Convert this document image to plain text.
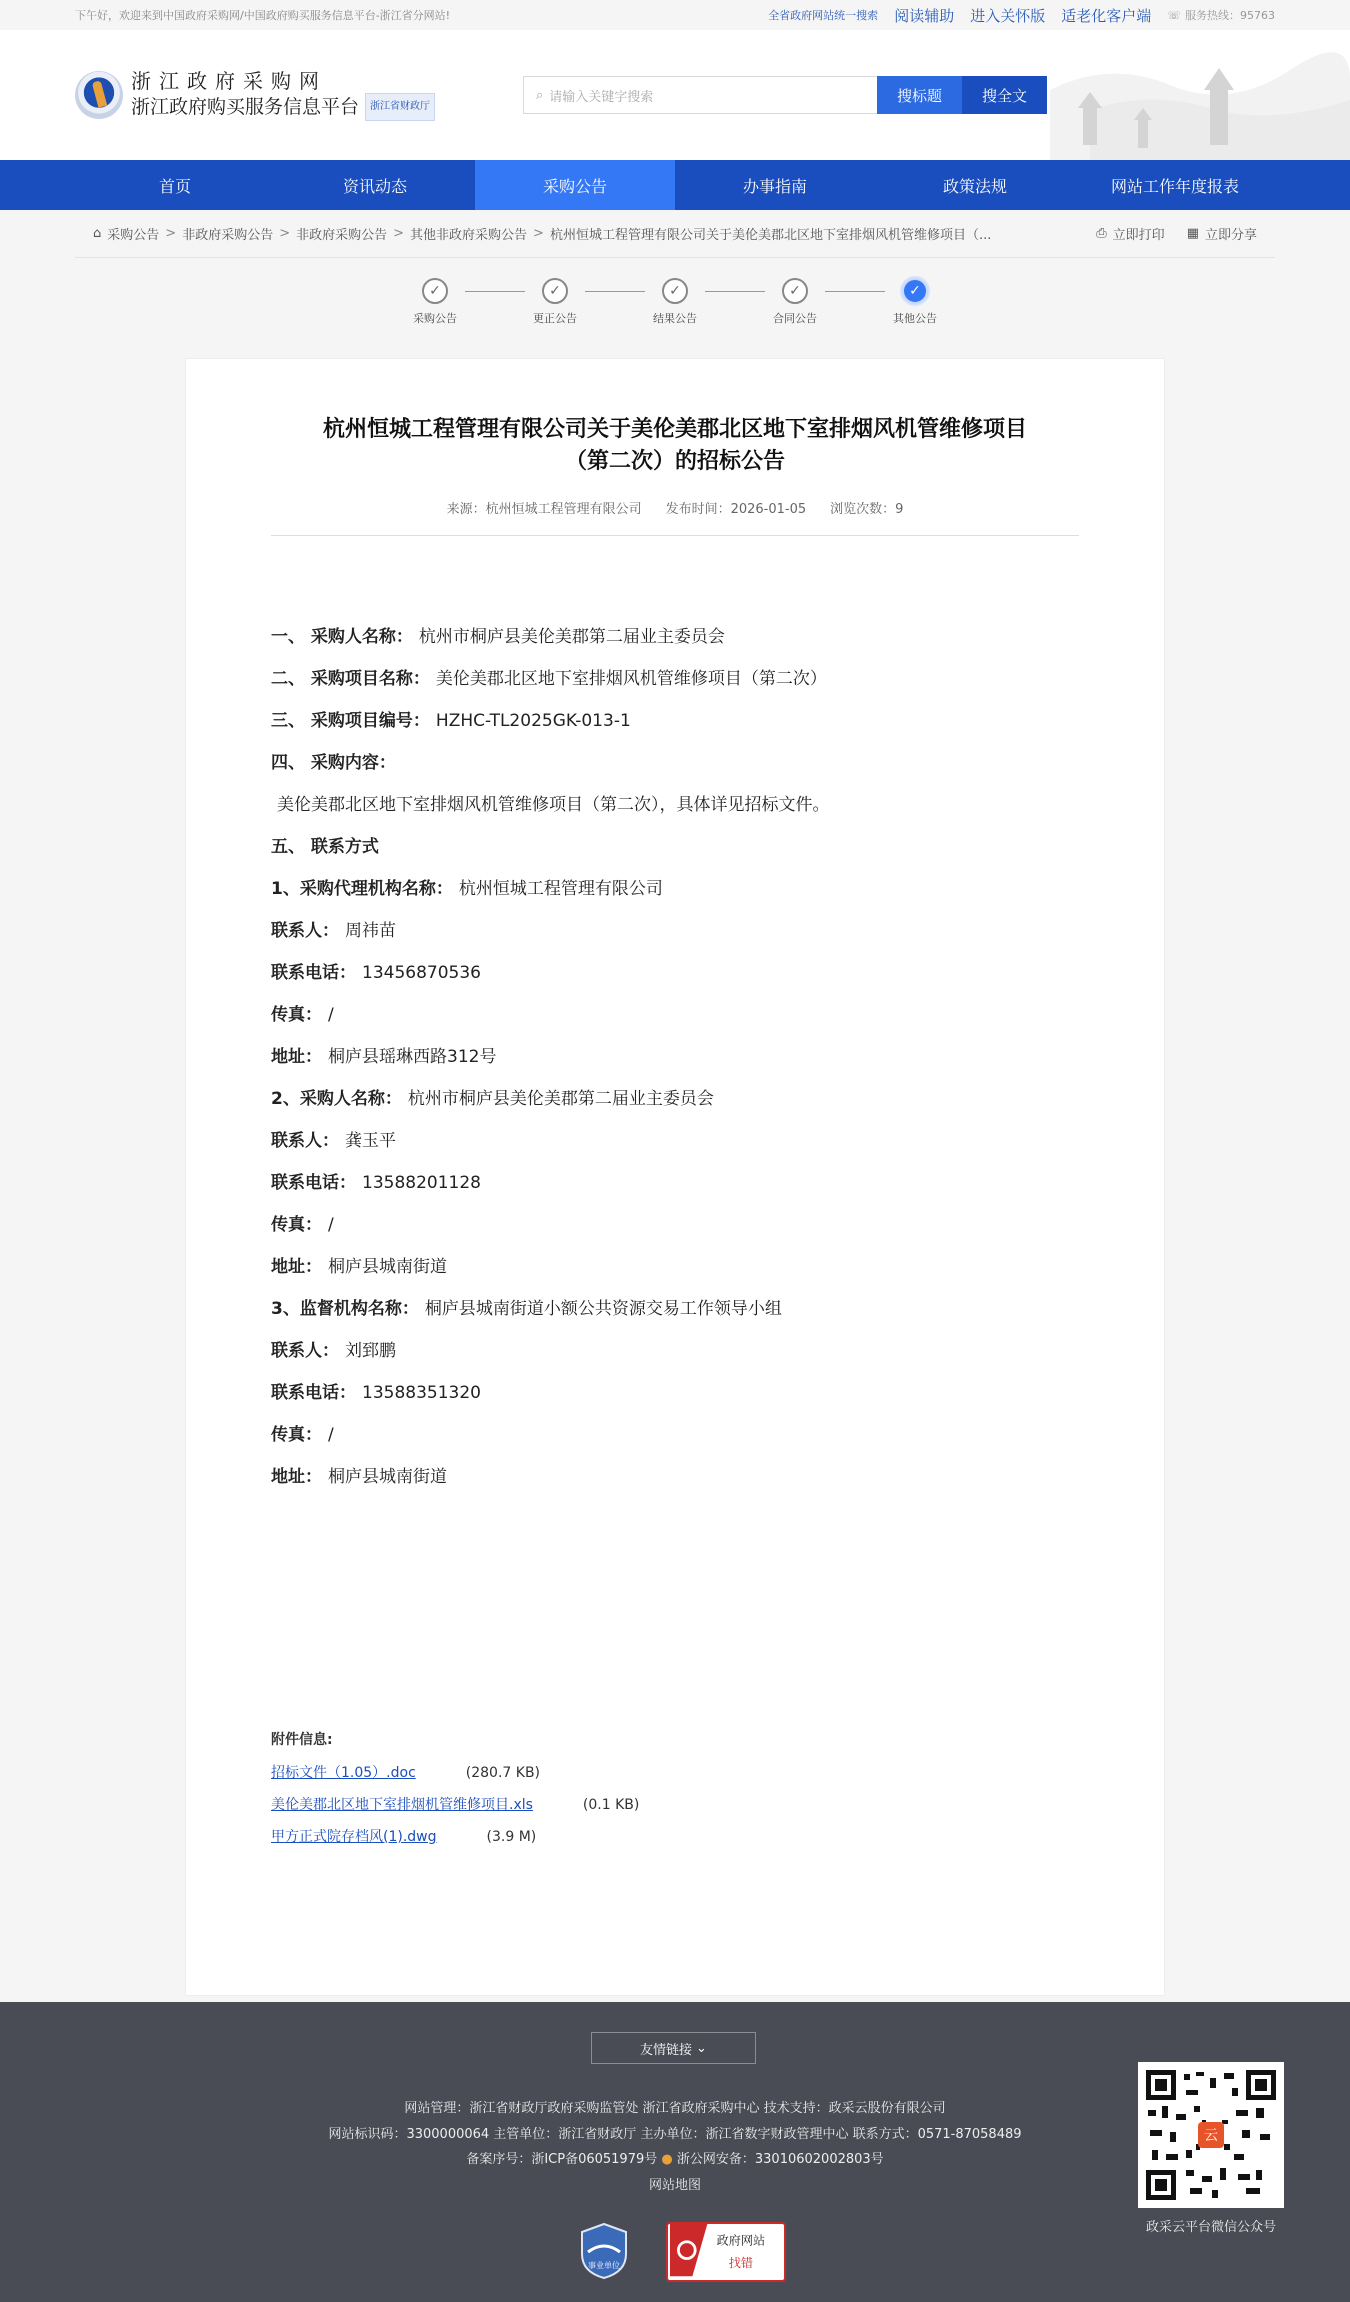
下午好，欢迎来到中国政府采购网/中国政府购买服务信息平台-浙江省分网站!	全省政府网站统一搜索 阅读辅助 进入关怀版 适老化客户端 ☏ 服务热线：95763
浙江政府采购网
浙江政府购买服务信息平台	浙江省财政厅
⌕ 请输入关键字搜索	搜标题	搜全文
首页	资讯动态	采购公告	办事指南	政策法规	网站工作年度报表
⌂ 采购公告 > 非政府采购公告 > 非政府采购公告 > 其他非政府采购公告 > 杭州恒城工程管理有限公司关于美伦美郡北区地下室排烟风机管维修项目（...	⎙ 立即打印 ▦ 立即分享
✓
采购公告
✓
更正公告
✓
结果公告
✓
合同公告
✓
其他公告
杭州恒城工程管理有限公司关于美伦美郡北区地下室排烟风机管维修项目
（第二次）的招标公告
来源：杭州恒城工程管理有限公司 发布时间：2026-01-05 浏览次数：9
一、 采购人名称： 杭州市桐庐县美伦美郡第二届业主委员会
二、 采购项目名称： 美伦美郡北区地下室排烟风机管维修项目（第二次）
三、 采购项目编号： HZHC-TL2025GK-013-1
四、 采购内容：
美伦美郡北区地下室排烟风机管维修项目（第二次），具体详见招标文件。
五、 联系方式
1、采购代理机构名称： 杭州恒城工程管理有限公司
联系人： 周祎苗
联系电话： 13456870536
传真： /
地址： 桐庐县瑶琳西路312号
2、采购人名称： 杭州市桐庐县美伦美郡第二届业主委员会
联系人： 龚玉平
联系电话： 13588201128
传真： /
地址： 桐庐县城南街道
3、监督机构名称： 桐庐县城南街道小额公共资源交易工作领导小组
联系人： 刘郅鹏
联系电话： 13588351320
传真： /
地址： 桐庐县城南街道
附件信息:
招标文件（1.05）.doc	(280.7 KB)
美伦美郡北区地下室排烟机管维修项目.xls	(0.1 KB)
甲方正式院存档风(1).dwg	(3.9 M)
友情链接 ⌄
网站管理：浙江省财政厅政府采购监管处 浙江省政府采购中心 技术支持：政采云股份有限公司
网站标识码：3300000064 主管单位：浙江省财政厅 主办单位：浙江省数字财政管理中心 联系方式：0571-87058489
备案序号：浙ICP备06051979号 ● 浙公网安备：33010602002803号
网站地图
云
政采云平台微信公众号
事业单位
政府网站
找错
